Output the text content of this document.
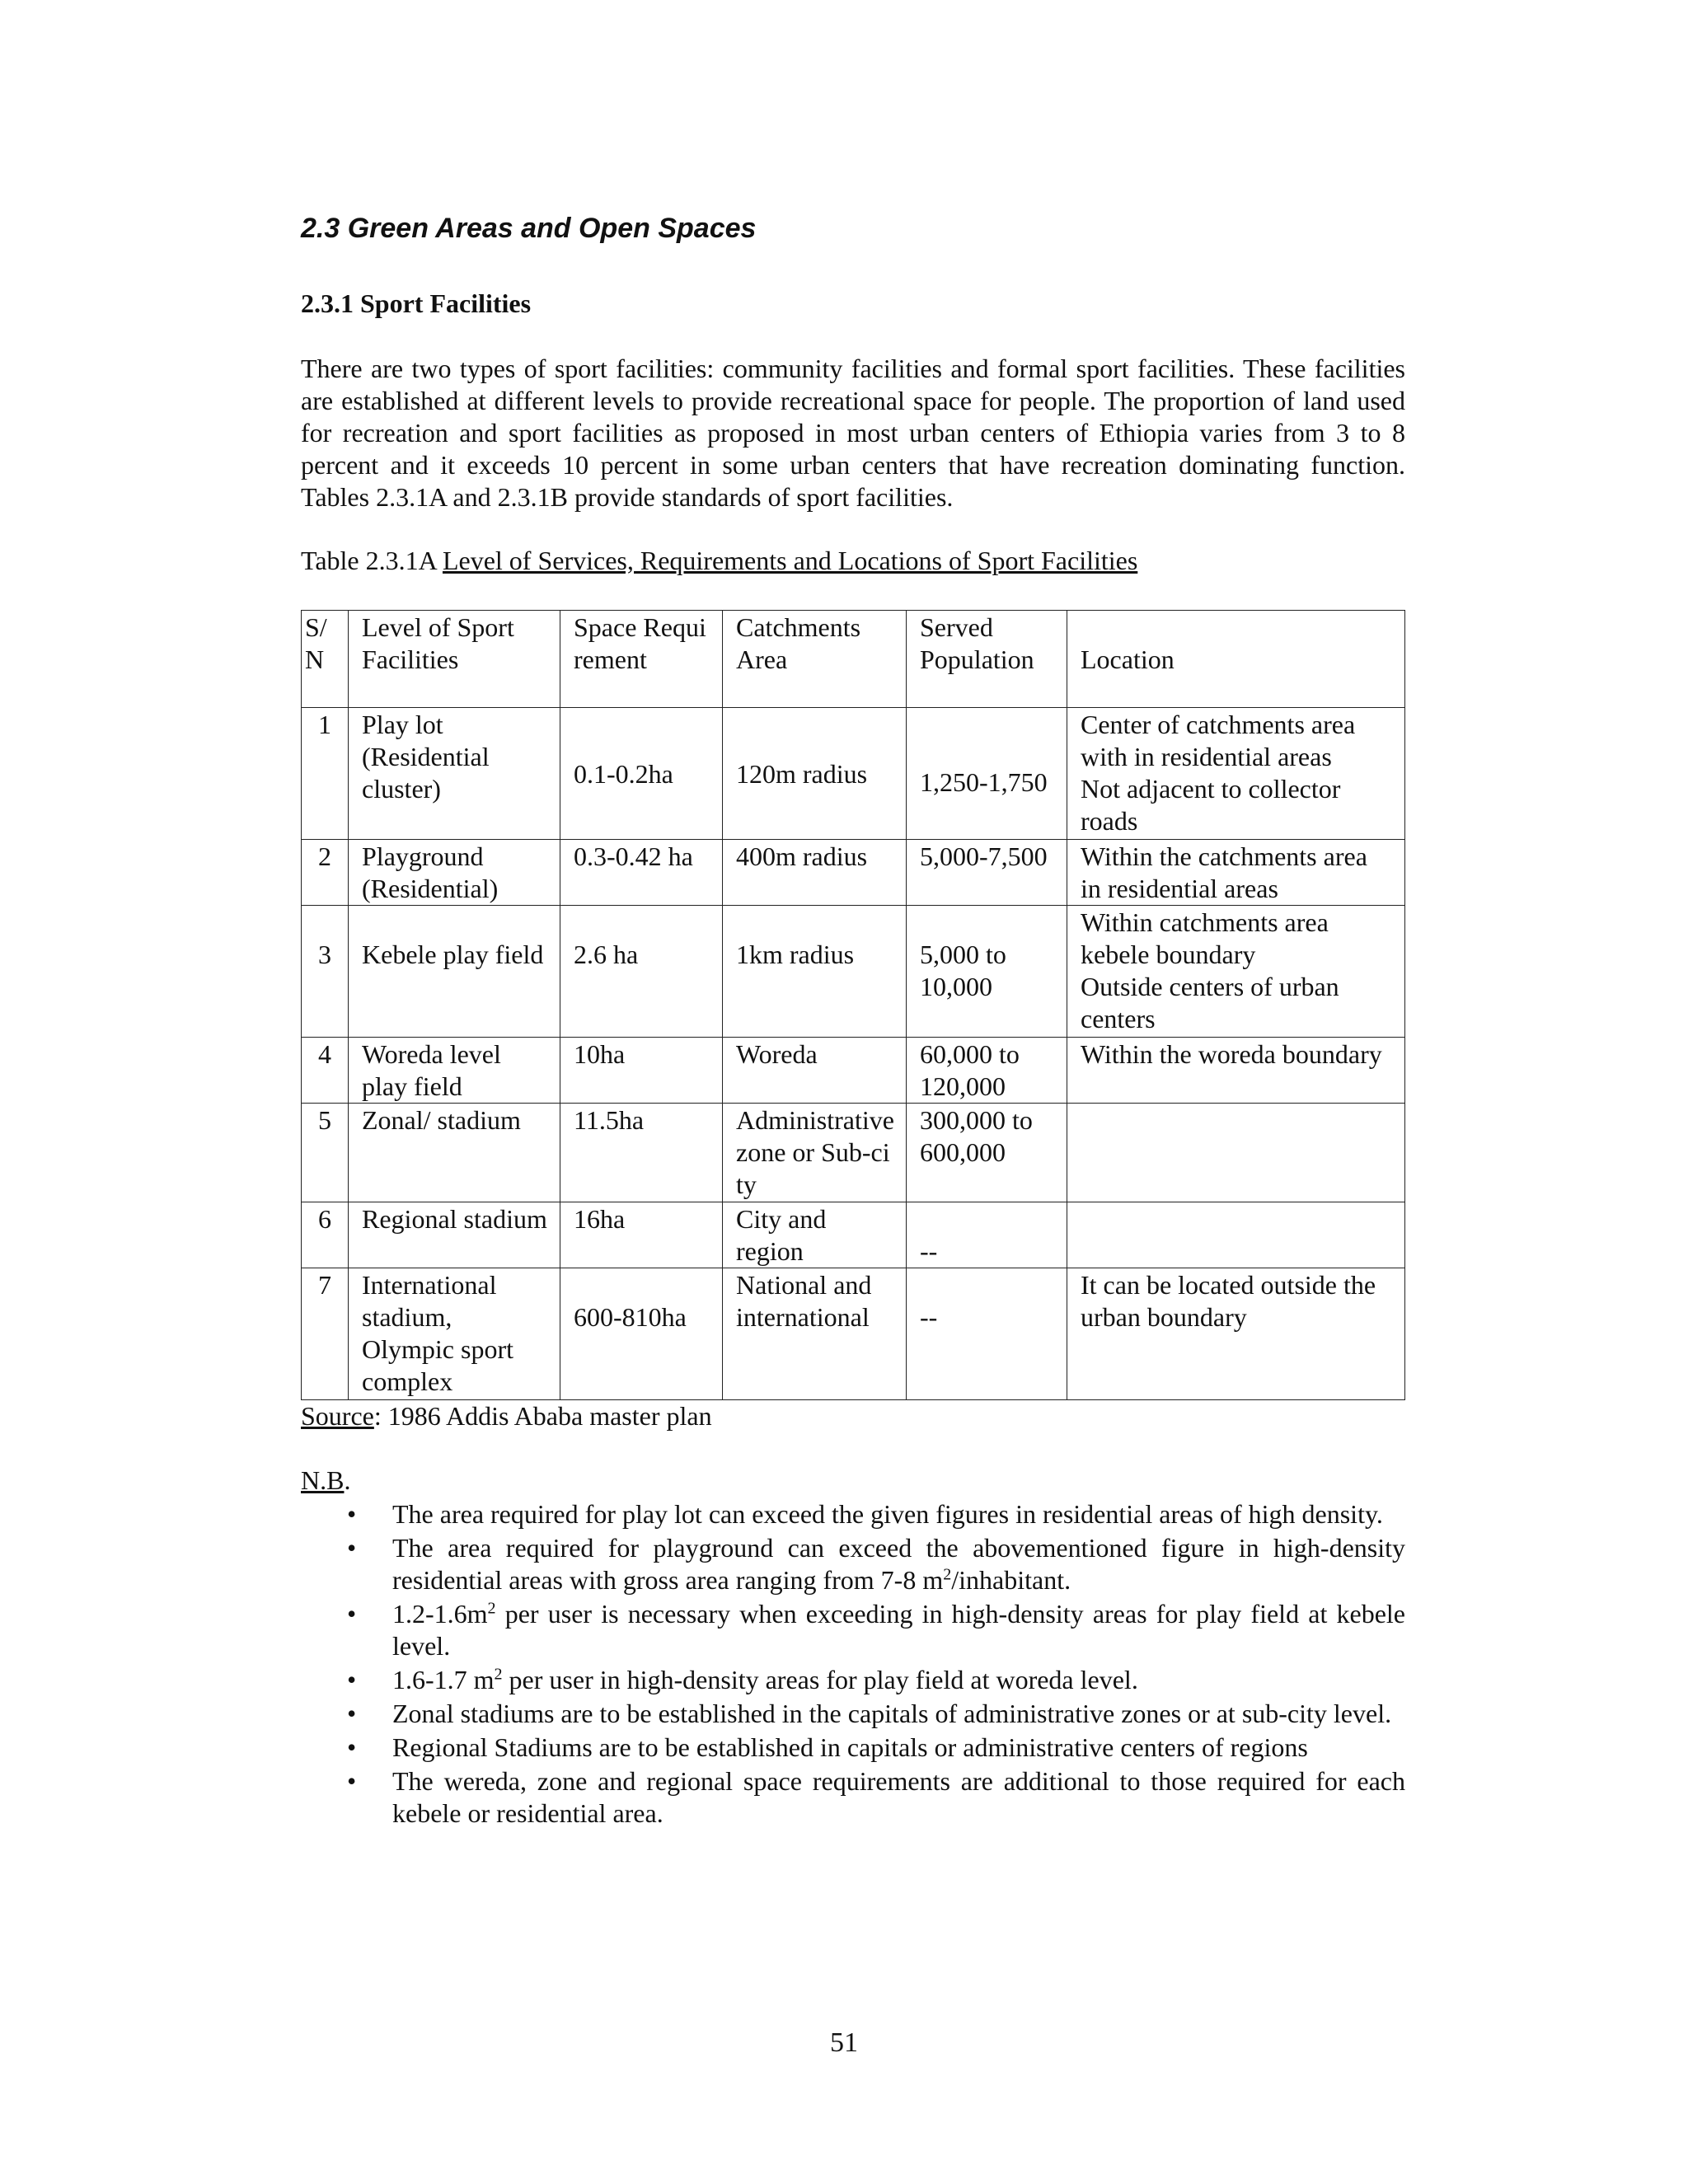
2.3 Green Areas and Open Spaces
2.3.1 Sport Facilities

There are two types of sport facilities: community facilities and formal sport facilities. These facilities are established at different levels to provide recreational space for people. The proportion of land used for recreation and sport facilities as proposed in most urban centers of Ethiopia varies from 3 to 8 percent and it exceeds 10 percent in some urban centers that have recreation dominating function. Tables 2.3.1A and 2.3.1B provide standards of sport facilities.

Table 2.3.1A Level of Services, Requirements and Locations of Sport Facilities
S/ N	Level of Sport Facilities	Space Requirement	Catchments Area	Served Population	Location
1	Play lot (Residential cluster)	0.1-0.2ha	120m radius	1,250-1,750	Center of catchments area with in residential areas
Not adjacent to collector roads

2	Playground (Residential)	0.3-0.42 ha	400m radius	5,000-7,500	Within the catchments area in residential areas

3	Kebele play field	2.6 ha	1km radius	5,000 to 10,000	Within catchments area kebele boundary
Outside centers of urban centers

4	Woreda level play field	10ha	Woreda	60,000 to 120,000	Within the woreda boundary

5	Zonal/ stadium	11.5ha	Administrative zone or Sub-city	300,000 to 600,000	
6	Regional stadium	16ha	City and region	--	
7	International stadium, Olympic sport complex	600-810ha	National and international	--	It can be located outside the urban boundary
Source: 1986 Addis Ababa master plan
N.B.
• The area required for play lot can exceed the given figures in residential areas of high density.
• The area required for playground can exceed the abovementioned figure in high-density residential areas with gross area ranging from 7-8 $m^2$/inhabitant.
• $1.2-1.6m^2$ per user is necessary when exceeding in high-density areas for play field at kebele level.
• 1.6-1.7 $m^2$ per user in high-density areas for play field at woreda level.
• Zonal stadiums are to be established in the capitals of administrative zones or at sub-city level.
• Regional Stadiums are to be established in capitals or administrative centers of regions
• The wereda, zone and regional space requirements are additional to those required for each kebele or residential area.
51
